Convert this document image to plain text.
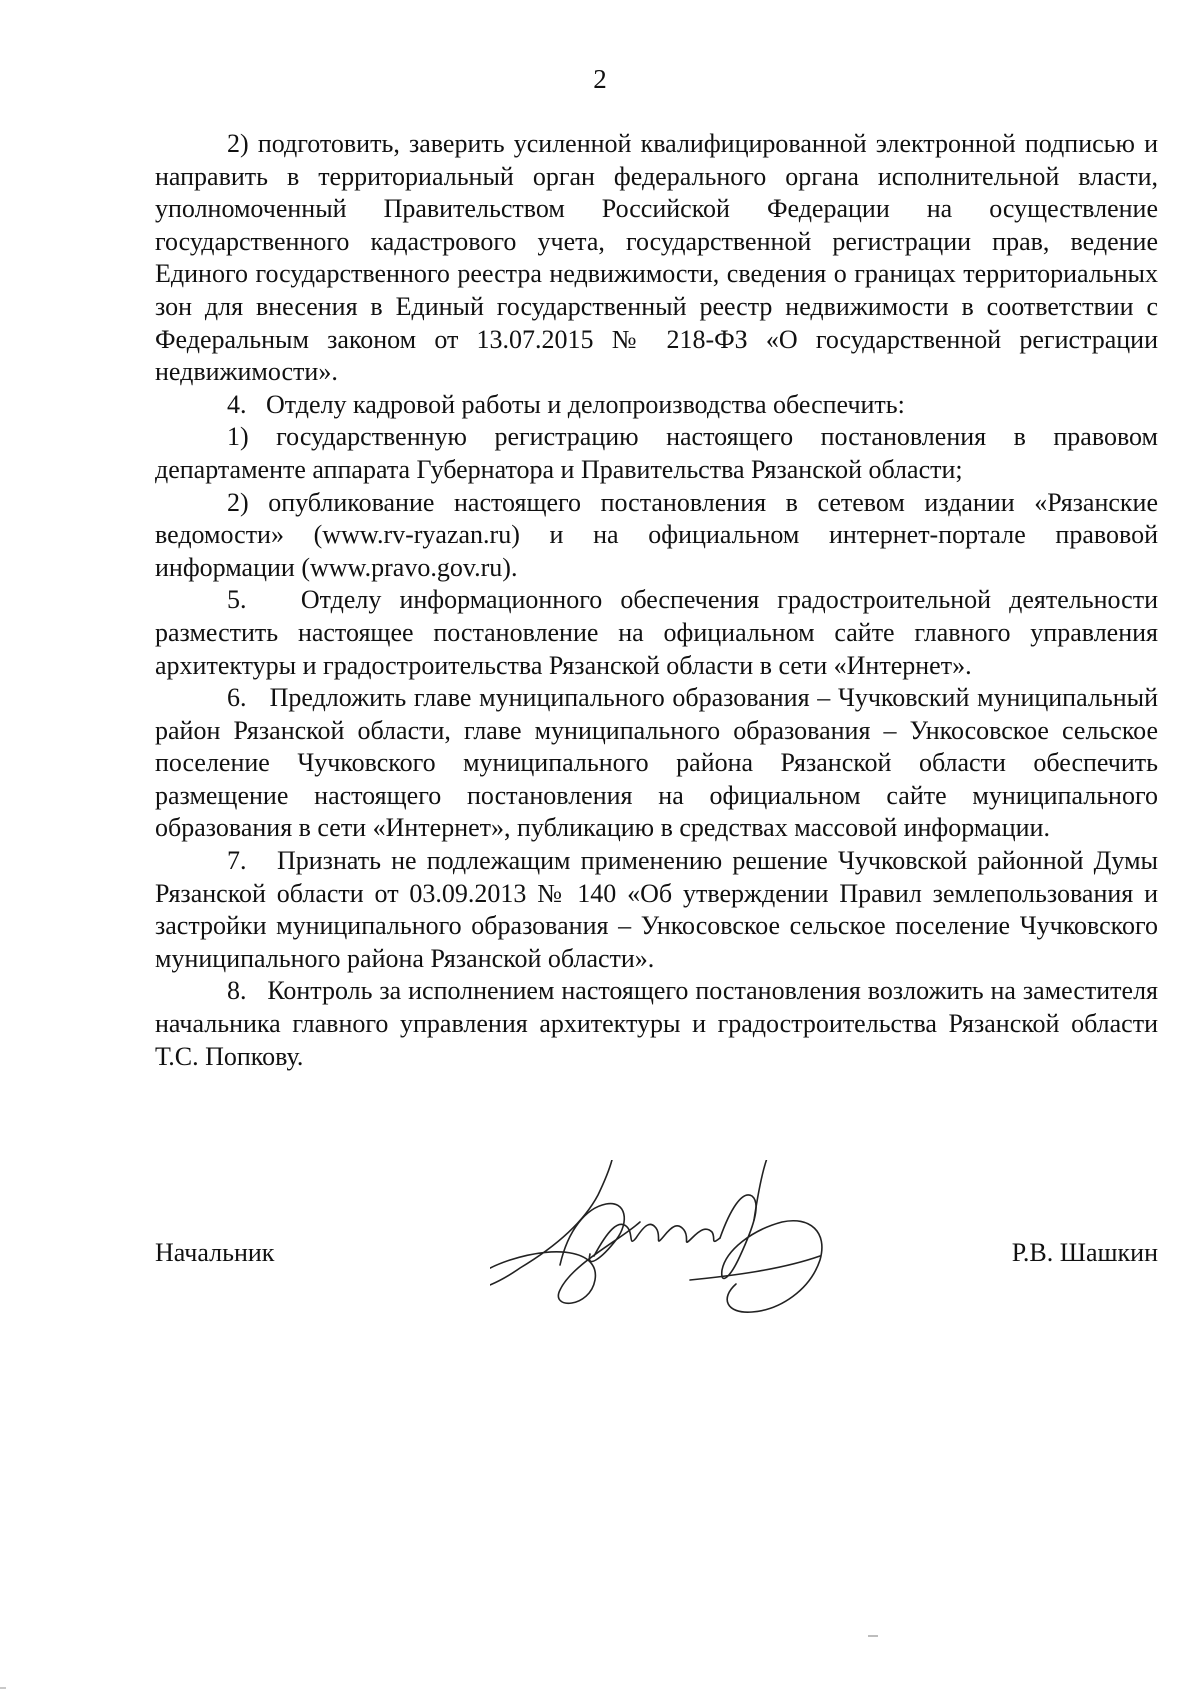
2

2) подготовить, заверить усиленной квалифицированной электронной подписью и направить в территориальный орган федерального органа исполнительной власти, уполномоченный Правительством Российской Федерации на осуществление государственного кадастрового учета, государственной регистрации прав, ведение Единого государственного реестра недвижимости, сведения о границах территориальных зон для внесения в Единый государственный реестр недвижимости в соответствии с Федеральным законом от 13.07.2015 № 218-ФЗ «О государственной регистрации недвижимости».

4.   Отделу кадровой работы и делопроизводства обеспечить:

1) государственную регистрацию настоящего постановления в правовом департаменте аппарата Губернатора и Правительства Рязанской области;

2) опубликование настоящего постановления в сетевом издании «Рязанские ведомости» (www.rv-ryazan.ru) и на официальном интернет-портале правовой информации (www.pravo.gov.ru).

5.   Отделу информационного обеспечения градостроительной деятельности разместить настоящее постановление на официальном сайте главного управления архитектуры и градостроительства Рязанской области в сети «Интернет».

6.   Предложить главе муниципального образования – Чучковский муниципальный район Рязанской области, главе муниципального образования – Ункосовское сельское поселение Чучковского муниципального района Рязанской области обеспечить размещение настоящего постановления на официальном сайте муниципального образования в сети «Интернет», публикацию в средствах массовой информации.

7.   Признать не подлежащим применению решение Чучковской районной Думы Рязанской области от 03.09.2013 № 140 «Об утверждении Правил землепользования и застройки муниципального образования – Ункосовское сельское поселение Чучковского муниципального района Рязанской области».

8.   Контроль за исполнением настоящего постановления возложить на заместителя начальника главного управления архитектуры и градостроительства Рязанской области Т.С. Попкову.

Начальник	Р.В. Шашкин
